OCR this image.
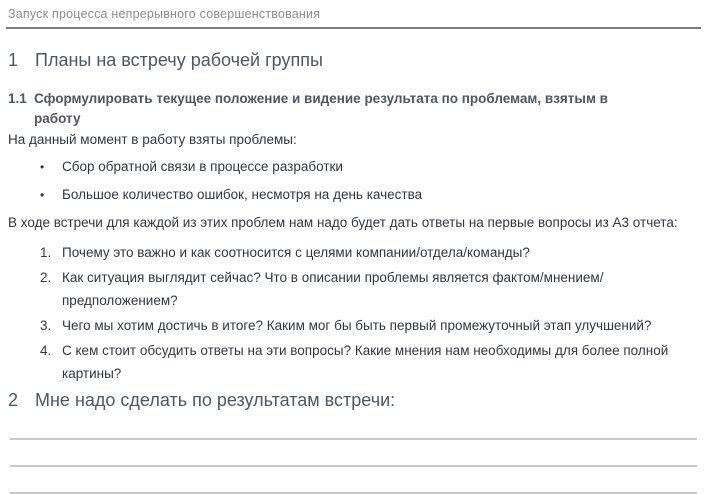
Запуск процесса непрерывного совершенствования
1 Планы на встречу рабочей группы
1.1 Сформулировать текущее положение и видение результата по проблемам, взятым в работу
На данный момент в работу взяты проблемы:
•	Сбор обратной связи в процессе разработки
•	Большое количество ошибок, несмотря на день качества
В ходе встречи для каждой из этих проблем нам надо будет дать ответы на первые вопросы из А3 отчета:
1. Почему это важно и как соотносится с целями компании/отдела/команды?
2. Как ситуация выглядит сейчас? Что в описании проблемы является фактом/мнением/предположением?
3. Чего мы хотим достичь в итоге? Каким мог бы быть первый промежуточный этап улучшений?
4. С кем стоит обсудить ответы на эти вопросы? Какие мнения нам необходимы для более полной картины?
2 Мне надо сделать по результатам встречи:
